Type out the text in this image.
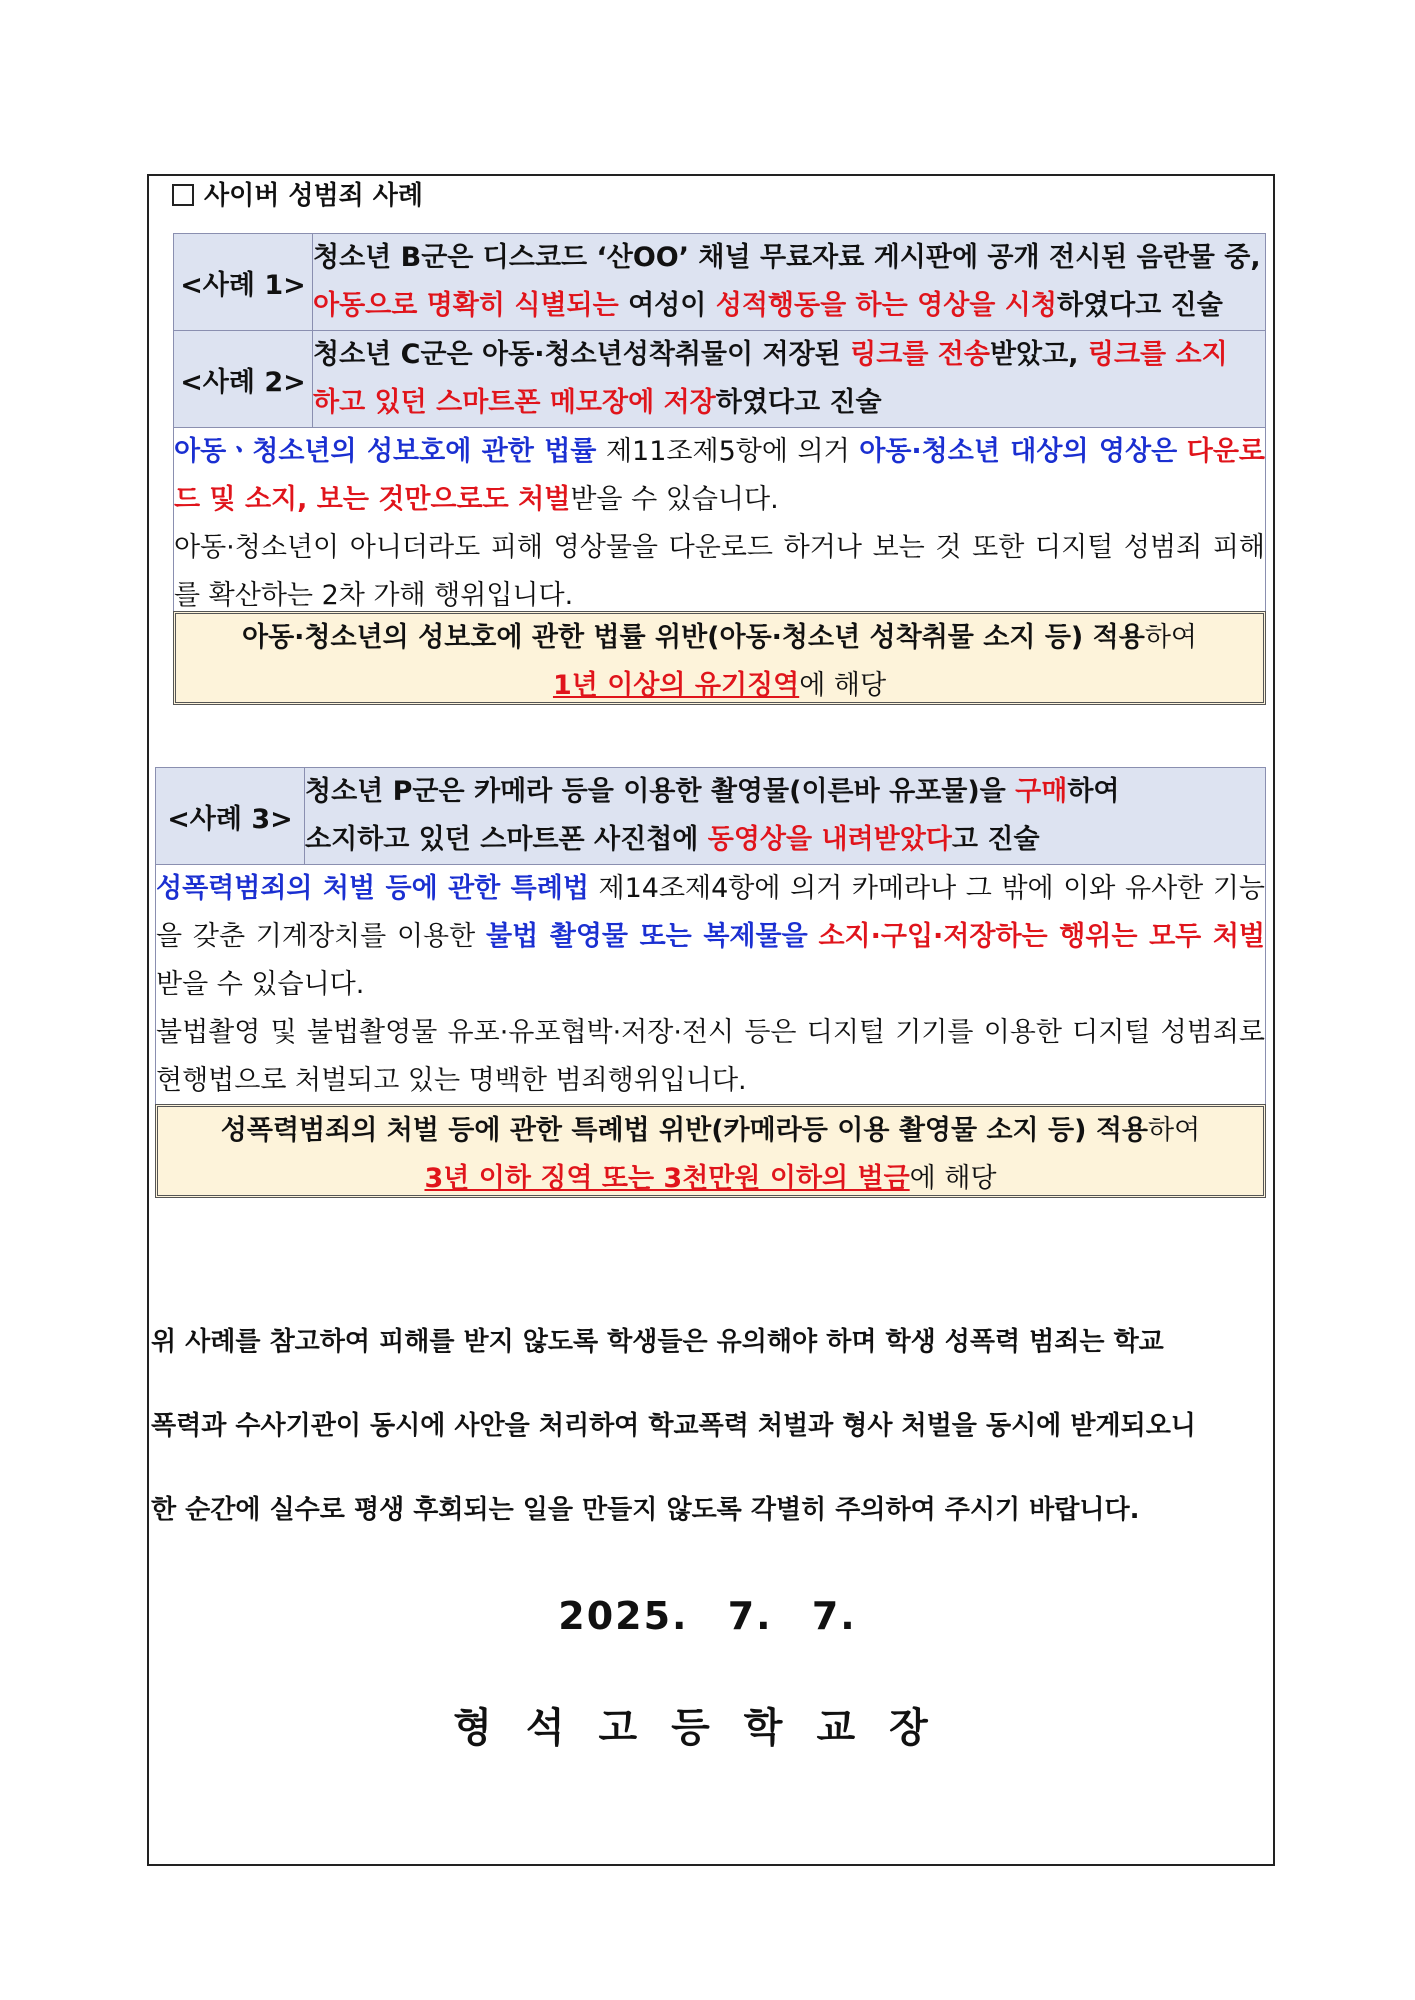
사이버 성범죄 사례
<사례 1>	청소년 B군은 디스코드 ‘산OO’ 채널 무료자료 게시판에 공개 전시된 음란물 중,
아동으로 명확히 식별되는 여성이 성적행동을 하는 영상을 시청하였다고 진술
<사례 2>	청소년 C군은 아동·청소년성착취물이 저장된 링크를 전송받았고, 링크를 소지
하고 있던 스마트폰 메모장에 저장하였다고 진술
아동ㆍ청소년의 성보호에 관한 법률 제11조제5항에 의거 아동·청소년 대상의 영상은 다운로드 및 소지, 보는 것만으로도 처벌받을 수 있습니다.
아동·청소년이 아니더라도 피해 영상물을 다운로드 하거나 보는 것 또한 디지털 성범죄 피해를 확산하는 2차 가해 행위입니다.	
아동·청소년의 성보호에 관한 법률 위반(아동·청소년 성착취물 소지 등) 적용하여
1년 이상의 유기징역에 해당
<사례 3>	청소년 P군은 카메라 등을 이용한 촬영물(이른바 유포물)을 구매하여
소지하고 있던 스마트폰 사진첩에 동영상을 내려받았다고 진술
성폭력범죄의 처벌 등에 관한 특례법 제14조제4항에 의거 카메라나 그 밖에 이와 유사한 기능을 갖춘 기계장치를 이용한 불법 촬영물 또는 복제물을 소지·구입·저장하는 행위는 모두 처벌받을 수 있습니다.
불법촬영 및 불법촬영물 유포·유포협박·저장·전시 등은 디지털 기기를 이용한 디지털 성범죄로 현행법으로 처벌되고 있는 명백한 범죄행위입니다.
성폭력범죄의 처벌 등에 관한 특례법 위반(카메라등 이용 촬영물 소지 등) 적용하여
3년 이하 징역 또는 3천만원 이하의 벌금에 해당
위 사례를 참고하여 피해를 받지 않도록 학생들은 유의해야 하며 학생 성폭력 범죄는 학교
폭력과 수사기관이 동시에 사안을 처리하여 학교폭력 처벌과 형사 처벌을 동시에 받게되오니
한 순간에 실수로 평생 후회되는 일을 만들지 않도록 각별히 주의하여 주시기 바랍니다.
2025. 7. 7.
형석고등학교장
